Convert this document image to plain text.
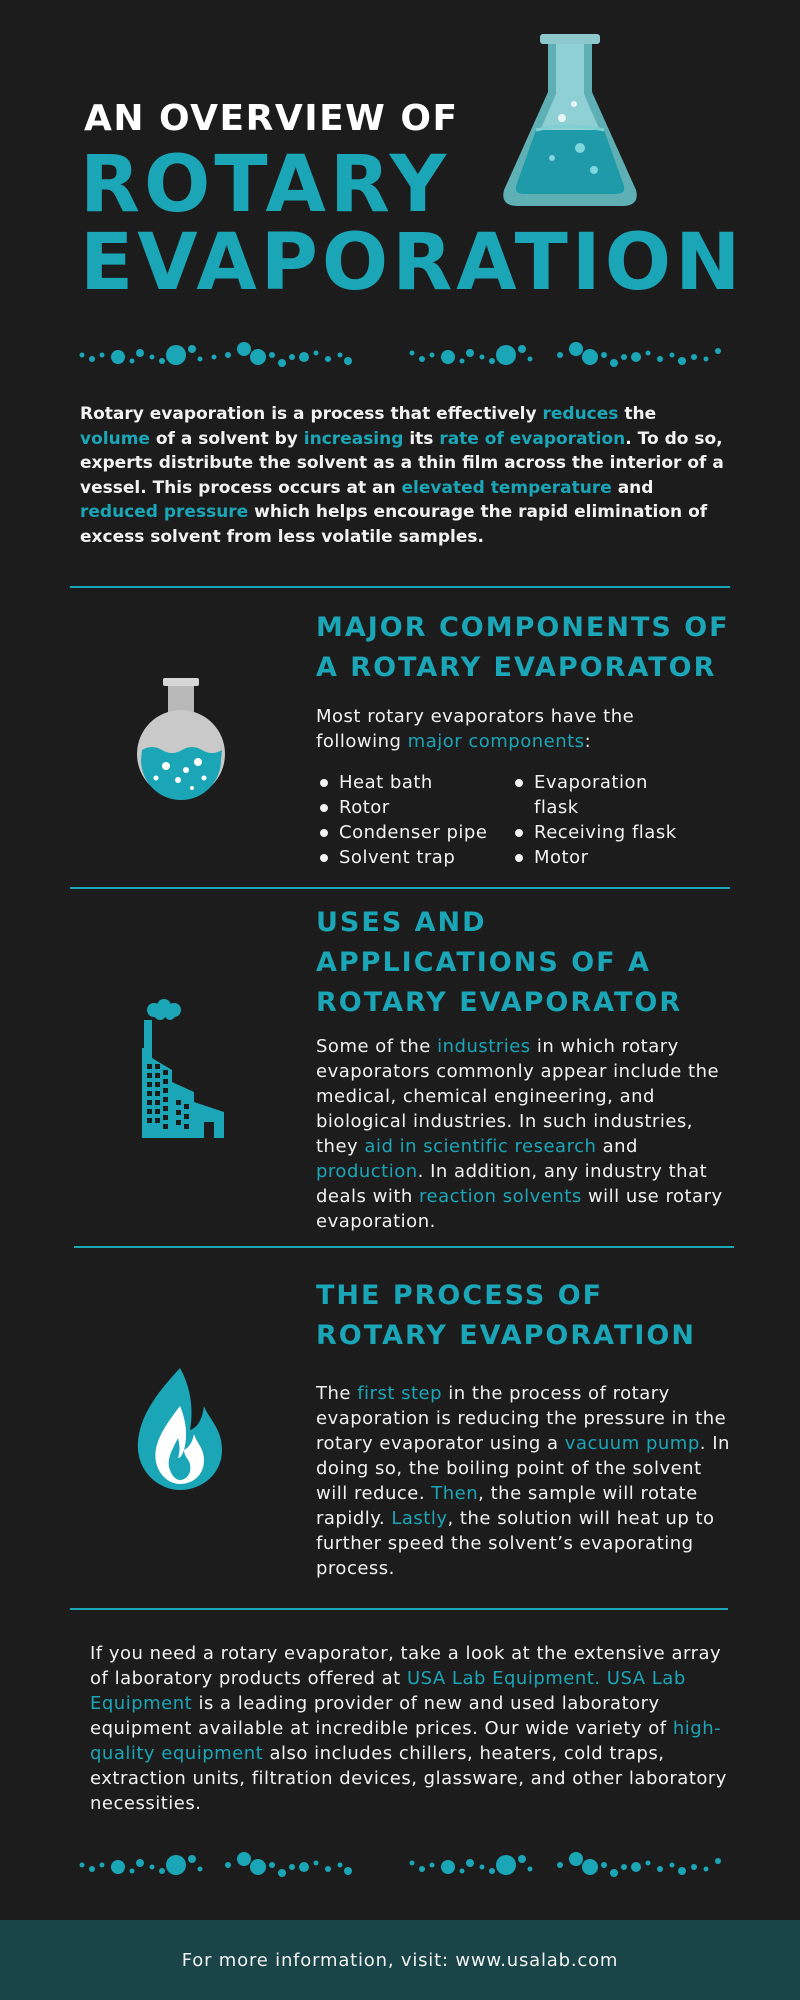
AN OVERVIEW OF
ROTARY
EVAPORATION
Rotary evaporation is a process that effectively reduces the volume of a solvent by increasing its rate of evaporation. To do so, experts distribute the solvent as a thin film across the interior of a vessel. This process occurs at an elevated temperature and reduced pressure which helps encourage the rapid elimination of excess solvent from less volatile samples.
MAJOR COMPONENTS OF
A ROTARY EVAPORATOR
Most rotary evaporators have the following major components:
Heat bath
Rotor
Condenser pipe
Solvent trap
Evaporation flask
Receiving flask
Motor
USES AND
APPLICATIONS OF A
ROTARY EVAPORATOR
Some of the industries in which rotary evaporators commonly appear include the medical, chemical engineering, and biological industries. In such industries, they aid in scientific research and production. In addition, any industry that deals with reaction solvents will use rotary evaporation.
THE PROCESS OF
ROTARY EVAPORATION
The first step in the process of rotary evaporation is reducing the pressure in the rotary evaporator using a vacuum pump. In doing so, the boiling point of the solvent will reduce. Then, the sample will rotate rapidly. Lastly, the solution will heat up to further speed the solvent’s evaporating process.
If you need a rotary evaporator, take a look at the extensive array of laboratory products offered at USA Lab Equipment. USA Lab Equipment is a leading provider of new and used laboratory equipment available at incredible prices. Our wide variety of high-quality equipment also includes chillers, heaters, cold traps, extraction units, filtration devices, glassware, and other laboratory necessities.
For more information, visit: www.usalab.com
